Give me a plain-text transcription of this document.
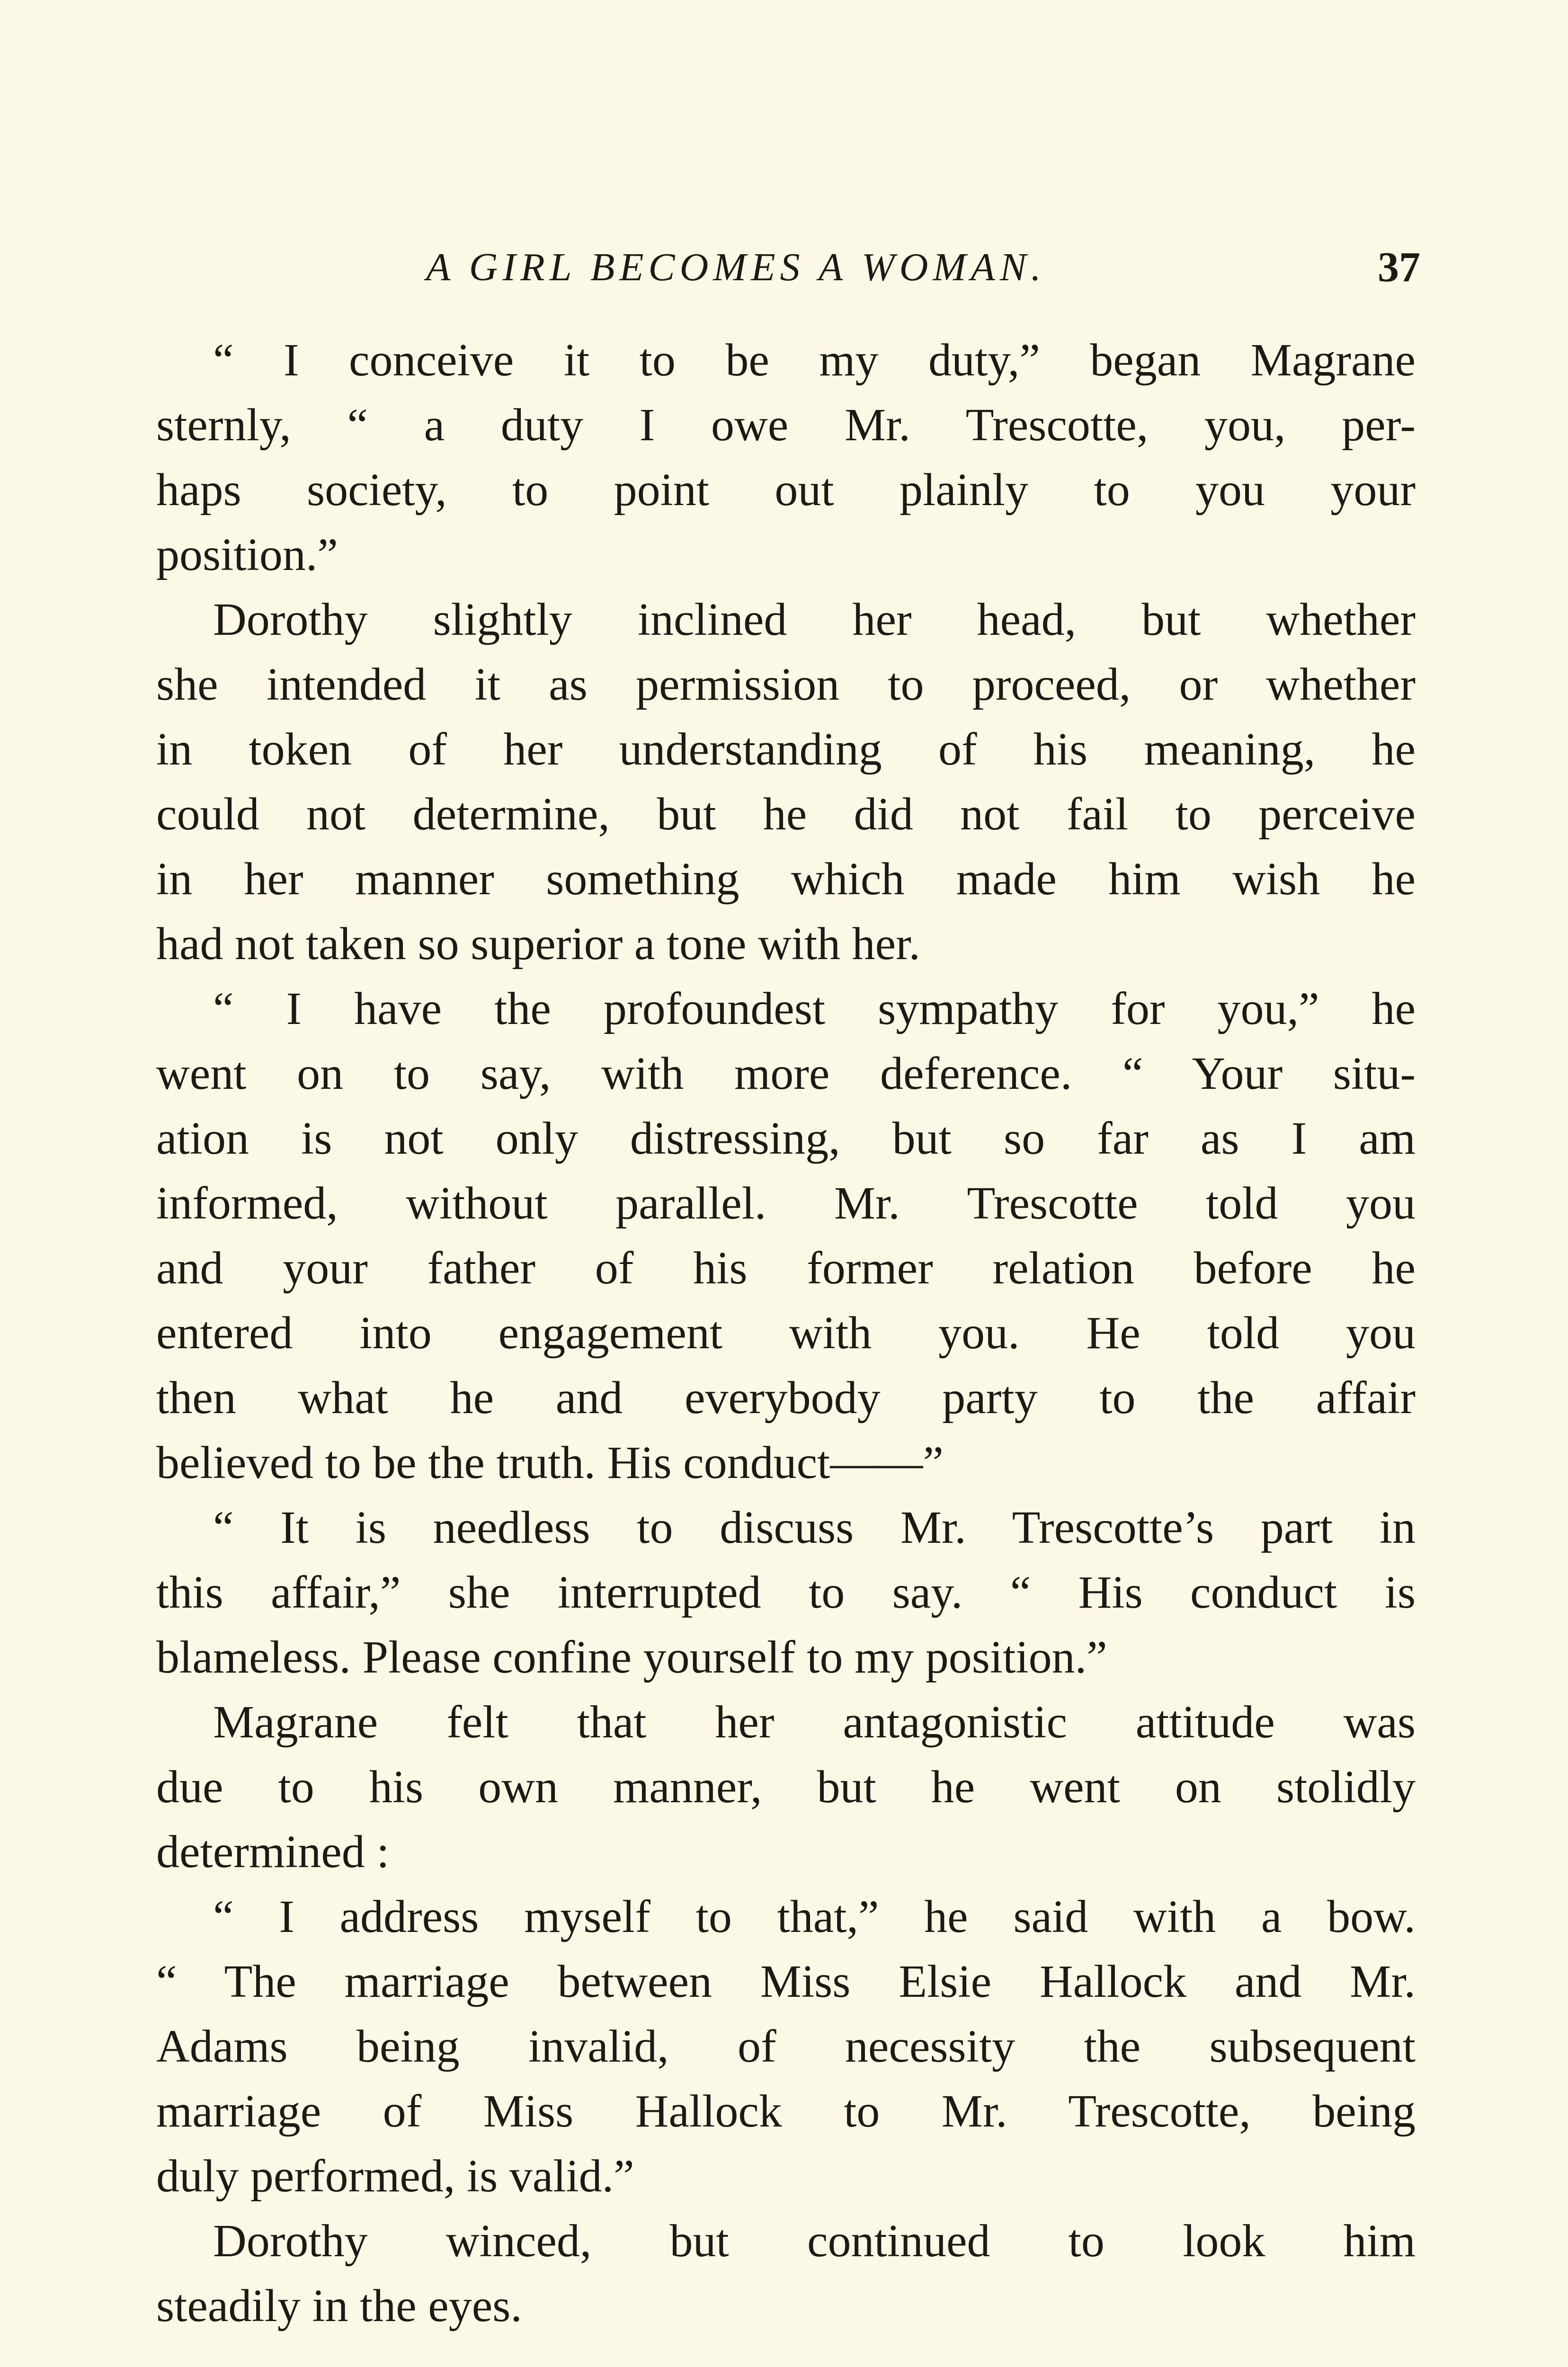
A GIRL BECOMES A WOMAN.	37
“ I conceive it to be my duty,” began Magrane
sternly, “ a duty I owe Mr. Trescotte, you, per-
haps society, to point out plainly to you your
position.”
Dorothy slightly inclined her head, but whether
she intended it as permission to proceed, or whether
in token of her understanding of his meaning, he
could not determine, but he did not fail to perceive
in her manner something which made him wish he
had not taken so superior a tone with her.
“ I have the profoundest sympathy for you,” he
went on to say, with more deference. “ Your situ-
ation is not only distressing, but so far as I am
informed, without parallel. Mr. Trescotte told you
and your father of his former relation before he
entered into engagement with you. He told you
then what he and everybody party to the affair
believed to be the truth. His conduct——”
“ It is needless to discuss Mr. Trescotte’s part in
this affair,” she interrupted to say. “ His conduct is
blameless. Please confine yourself to my position.”
Magrane felt that her antagonistic attitude was
due to his own manner, but he went on stolidly
determined :
“ I address myself to that,” he said with a bow.
“ The marriage between Miss Elsie Hallock and Mr.
Adams being invalid, of necessity the subsequent
marriage of Miss Hallock to Mr. Trescotte, being
duly performed, is valid.”
Dorothy winced, but continued to look him
steadily in the eyes.
